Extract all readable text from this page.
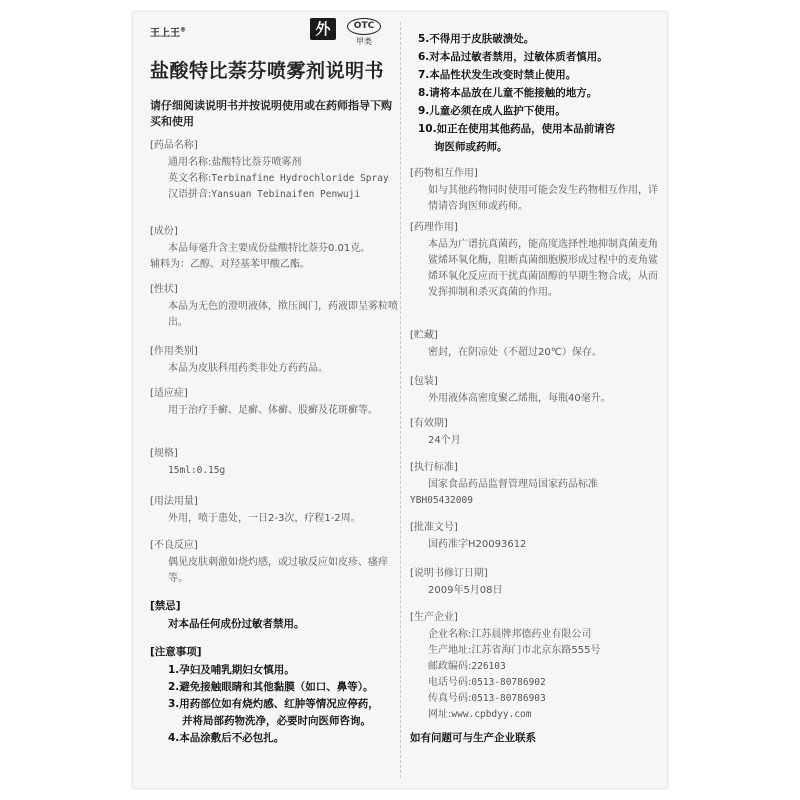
王上王®	外	OTC
甲类
盐酸特比萘芬喷雾剂说明书
请仔细阅读说明书并按说明使用或在药师指导下购买和使用
[药品名称]
通用名称: 盐酸特比萘芬喷雾剂
英文名称: Terbinafine Hydrochloride Spray
汉语拼音: Yansuan Tebinaifen Penwuji
[成份]
本品每毫升含主要成份盐酸特比萘芬0.01克。
辅料为：乙醇、对羟基苯甲酸乙酯。
[性状]
本品为无色的澄明液体，揿压阀门，药液即呈雾粒喷出。
[作用类别]
本品为皮肤科用药类非处方药药品。
[适应症]
用于治疗手癣、足癣、体癣、股癣及花斑癣等。
[规格]
15ml:0.15g
[用法用量]
外用，喷于患处，一日2-3次，疗程1-2周。
[不良反应]
偶见皮肤刺激如烧灼感，或过敏反应如皮疹、瘙痒等。
[禁忌]
对本品任何成份过敏者禁用。
[注意事项]
1.孕妇及哺乳期妇女慎用。
2.避免接触眼睛和其他黏膜（如口、鼻等）。
3.用药部位如有烧灼感、红肿等情况应停药，
并将局部药物洗净，必要时向医师咨询。
4.本品涂敷后不必包扎。
5.不得用于皮肤破溃处。
6.对本品过敏者禁用，过敏体质者慎用。
7.本品性状发生改变时禁止使用。
8.请将本品放在儿童不能接触的地方。
9.儿童必须在成人监护下使用。
10.如正在使用其他药品，使用本品前请咨
询医师或药师。
[药物相互作用]
如与其他药物同时使用可能会发生药物相互作用，详情请咨询医师或药师。
[药理作用]
本品为广谱抗真菌药，能高度选择性地抑制真菌麦角鲨烯环氧化酶，阻断真菌细胞膜形成过程中的麦角鲨烯环氧化反应而干扰真菌固醇的早期生物合成，从而发挥抑制和杀灭真菌的作用。
[贮藏]
密封，在阴凉处（不超过20℃）保存。
[包装]
外用液体高密度聚乙烯瓶，每瓶40毫升。
[有效期]
24个月
[执行标准]
国家食品药品监督管理局国家药品标准
YBH05432009
[批准文号]
国药准字H20093612
[说明书修订日期]
2009年5月08日
[生产企业]
企业名称: 江苏晨牌邦德药业有限公司
生产地址: 江苏省海门市北京东路555号
邮政编码: 226103
电话号码: 0513-80786902
传真号码: 0513-80786903
网址: www.cpbdyy.com
如有问题可与生产企业联系
